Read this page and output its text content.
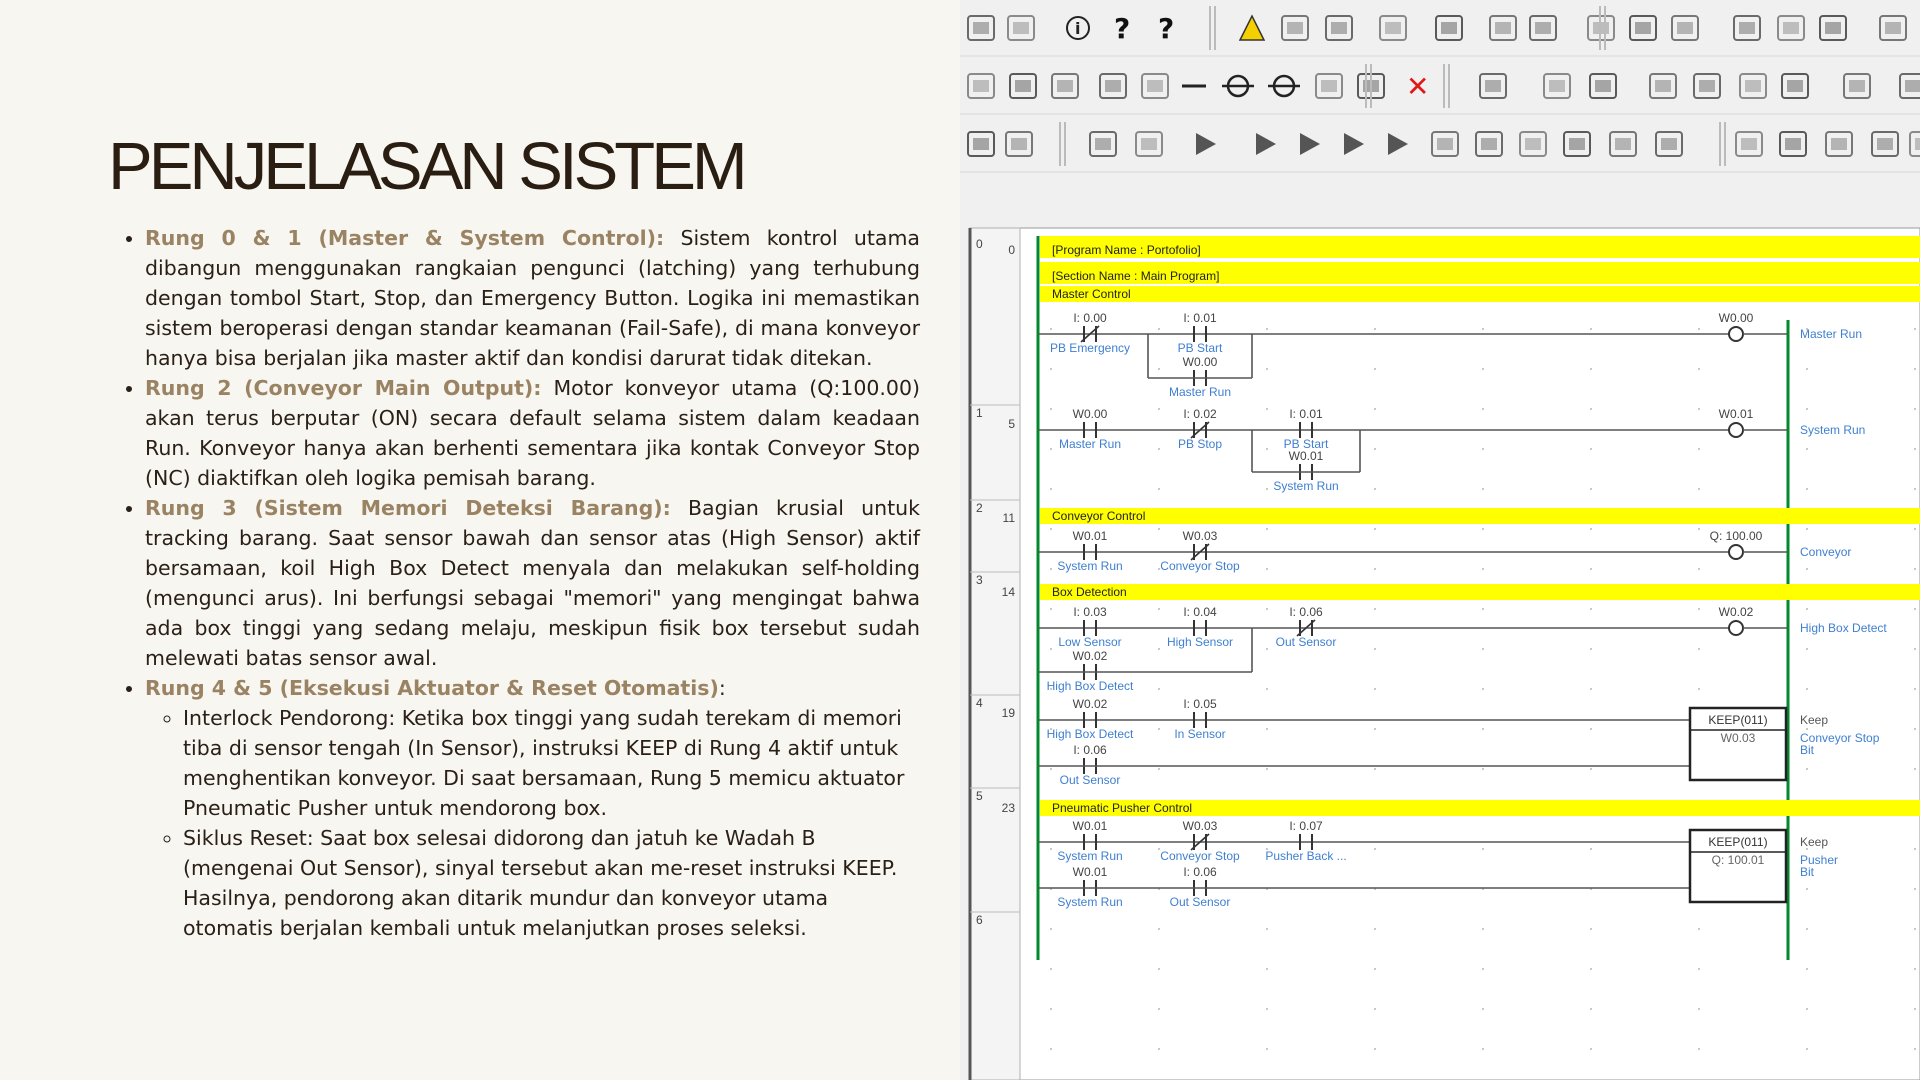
PENJELASAN SISTEM
• Rung 0 & 1 (Master & System Control): Sistem kontrol utama dibangun menggunakan rangkaian pengunci (latching) yang terhubung dengan tombol Start, Stop, dan Emergency Button. Logika ini memastikan sistem beroperasi dengan standar keamanan (Fail-Safe), di mana konveyor hanya bisa berjalan jika master aktif dan kondisi darurat tidak ditekan.
• Rung 2 (Conveyor Main Output): Motor konveyor utama (Q:100.00) akan terus berputar (ON) secara default selama sistem dalam keadaan Run. Konveyor hanya akan berhenti sementara jika kontak Conveyor Stop (NC) diaktifkan oleh logika pemisah barang.
• Rung 3 (Sistem Memori Deteksi Barang): Bagian krusial untuk tracking barang. Saat sensor bawah dan sensor atas (High Sensor) aktif bersamaan, koil High Box Detect menyala dan melakukan self-holding (mengunci arus). Ini berfungsi sebagai "memori" yang mengingat bahwa ada box tinggi yang sedang melaju, meskipun fisik box tersebut sudah melewati batas sensor awal.
• Rung 4 & 5 (Eksekusi Aktuator & Reset Otomatis):
◦ Interlock Pendorong: Ketika box tinggi yang sudah terekam di memori tiba di sensor tengah (In Sensor), instruksi KEEP di Rung 4 aktif untuk menghentikan konveyor. Di saat bersamaan, Rung 5 memicu aktuator Pneumatic Pusher untuk mendorong box.
◦ Siklus Reset: Saat box selesai didorong dan jatuh ke Wadah B (mengenai Out Sensor), sinyal tersebut akan me-reset instruksi KEEP. Hasilnya, pendorong akan ditarik mundur dan konveyor utama otomatis berjalan kembali untuk melanjutkan proses seleksi.
i ? ?
✕
0
1
2
3
4
5
6
0
5
11
14
19
23
[Program Name : Portofolio]
[Section Name : Main Program]
Master Control
Conveyor Control
Box Detection
Pneumatic Pusher Control
I: 0.00
PB Emergency
I: 0.01
PB Start
W0.00
Master Run
W0.00
Master Run
W0.00
Master Run
I: 0.02
PB Stop
I: 0.01
PB Start
W0.01
System Run
W0.01
System Run
W0.01
System Run
W0.03
Conveyor Stop
Q: 100.00
Conveyor
I: 0.03
Low Sensor
I: 0.04
High Sensor
I: 0.06
Out Sensor
W0.02
High Box Detect
W0.02
High Box Detect
W0.02
High Box Detect
I: 0.05
In Sensor
I: 0.06
Out Sensor
KEEP(011)
W0.03
Keep
Conveyor Stop
Bit
W0.01
System Run
W0.03
Conveyor Stop
I: 0.07
Pusher Back ...
W0.01
System Run
I: 0.06
Out Sensor
KEEP(011)
Q: 100.01
Keep
Pusher
Bit
